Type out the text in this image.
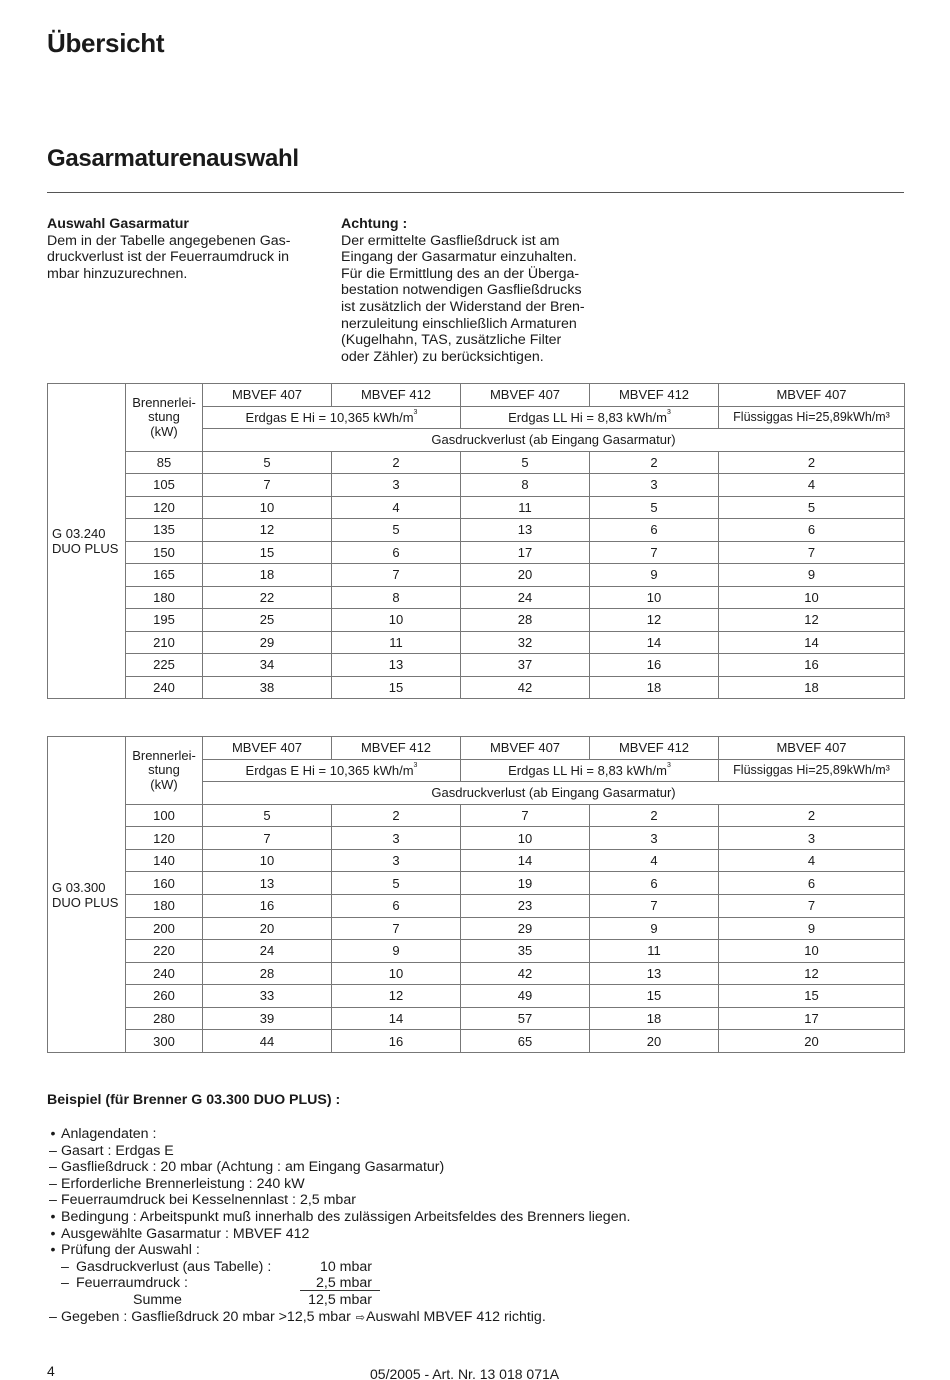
Übersicht
Gasarmaturenauswahl
Auswahl Gasarmatur
Dem in der Tabelle angegebenen Gas-
druckverlust ist der Feuerraumdruck in
mbar hinzuzurechnen.
Achtung :
Der ermittelte Gasfließdruck ist am
Eingang der Gasarmatur einzuhalten.
Für die Ermittlung des an der Überga-
bestation notwendigen Gasfließdrucks
ist zusätzlich der Widerstand der Bren-
nerzuleitung einschließlich Armaturen
(Kugelhahn, TAS, zusätzliche Filter
oder Zähler) zu berücksichtigen.
G 03.240
DUO PLUS	Brennerlei-
stung
(kW)	MBVEF 407	MBVEF 412	MBVEF 407	MBVEF 412	MBVEF 407
		Erdgas E Hi = 10,365 kWh/$m^3$		Erdgas LL Hi = 8,83 kWh/$m^3$		Flüssiggas Hi=25,89kWh/m³
		Gasdruckverlust (ab Eingang Gasarmatur)				
	85	5	2	5	2	2
	105	7	3	8	3	4
	120	10	4	11	5	5
	135	12	5	13	6	6
	150	15	6	17	7	7
	165	18	7	20	9	9
	180	22	8	24	10	10
	195	25	10	28	12	12
	210	29	11	32	14	14
	225	34	13	37	16	16
	240	38	15	42	18	18
G 03.300
DUO PLUS	Brennerlei-
stung
(kW)	MBVEF 407	MBVEF 412	MBVEF 407	MBVEF 412	MBVEF 407
		Erdgas E Hi = 10,365 kWh/$m^3$		Erdgas LL Hi = 8,83 kWh/$m^3$		Flüssiggas Hi=25,89kWh/m³
		Gasdruckverlust (ab Eingang Gasarmatur)				
	100	5	2	7	2	2
	120	7	3	10	3	3
	140	10	3	14	4	4
	160	13	5	19	6	6
	180	16	6	23	7	7
	200	20	7	29	9	9
	220	24	9	35	11	10
	240	28	10	42	13	12
	260	33	12	49	15	15
	280	39	14	57	18	17
	300	44	16	65	20	20
Beispiel (für Brenner G 03.300 DUO PLUS) :
• Anlagendaten :
– Gasart : Erdgas E
– Gasfließdruck : 20 mbar (Achtung : am Eingang Gasarmatur)
– Erforderliche Brennerleistung : 240 kW
– Feuerraumdruck bei Kesselnennlast : 2,5 mbar
• Bedingung : Arbeitspunkt muß innerhalb des zulässigen Arbeitsfeldes des Brenners liegen.
• Ausgewählte Gasarmatur : MBVEF 412
• Prüfung der Auswahl :
– Gasdruckverlust (aus Tabelle) :	10 mbar
– Feuerraumdruck :	2,5 mbar
Summe	12,5 mbar
– Gegeben : Gasfließdruck 20 mbar >12,5 mbar ⇨Auswahl MBVEF 412 richtig.
4	05/2005 - Art. Nr. 13 018 071A
